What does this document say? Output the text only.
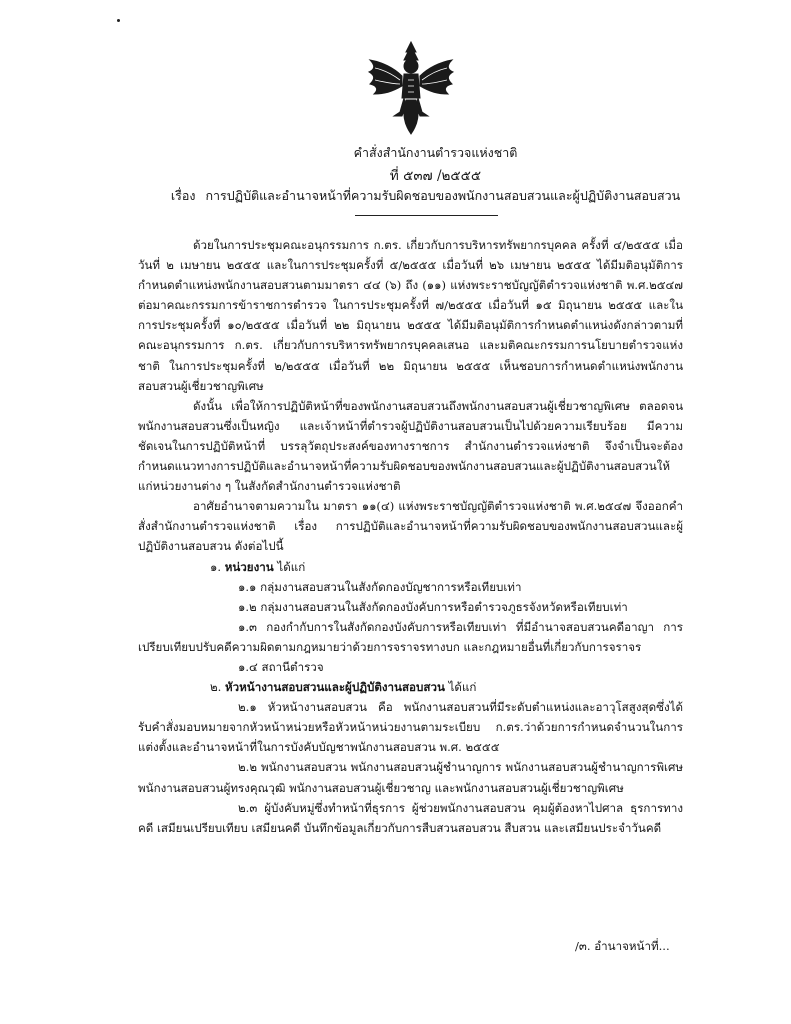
คำสั่งสำนักงานตำรวจแห่งชาติ
ที่ ๕๓๗ /๒๕๕๕
เรื่อง การปฏิบัติและอำนาจหน้าที่ความรับผิดชอบของพนักงานสอบสวนและผู้ปฏิบัติงานสอบสวน

ด้วยในการประชุมคณะอนุกรรมการ ก.ตร. เกี่ยวกับการบริหารทรัพยากรบุคคล ครั้งที่ ๔/๒๕๕๕ เมื่อวันที่ ๒ เมษายน ๒๕๕๕ และในการประชุมครั้งที่ ๕/๒๕๕๕ เมื่อวันที่ ๒๖ เมษายน ๒๕๕๕ ได้มีมติอนุมัติการกำหนดตำแหน่งพนักงานสอบสวนตามมาตรา ๔๔ (๖) ถึง (๑๑) แห่งพระราชบัญญัติตำรวจแห่งชาติ พ.ศ.๒๕๔๗ ต่อมาคณะกรรมการข้าราชการตำรวจ ในการประชุมครั้งที่ ๗/๒๕๕๕ เมื่อวันที่ ๑๕ มิถุนายน ๒๕๕๕ และในการประชุมครั้งที่ ๑๐/๒๕๕๕ เมื่อวันที่ ๒๒ มิถุนายน ๒๕๕๕ ได้มีมติอนุมัติการกำหนดตำแหน่งดังกล่าวตามที่คณะอนุกรรมการ ก.ตร. เกี่ยวกับการบริหารทรัพยากรบุคคลเสนอ และมติคณะกรรมการนโยบายตำรวจแห่งชาติ ในการประชุมครั้งที่ ๒/๒๕๕๕ เมื่อวันที่ ๒๒ มิถุนายน ๒๕๕๕ เห็นชอบการกำหนดตำแหน่งพนักงานสอบสวนผู้เชี่ยวชาญพิเศษ

ดังนั้น เพื่อให้การปฏิบัติหน้าที่ของพนักงานสอบสวนถึงพนักงานสอบสวนผู้เชี่ยวชาญพิเศษ ตลอดจนพนักงานสอบสวนซึ่งเป็นหญิง และเจ้าหน้าที่ตำรวจผู้ปฏิบัติงานสอบสวนเป็นไปด้วยความเรียบร้อย มีความชัดเจนในการปฏิบัติหน้าที่ บรรลุวัตถุประสงค์ของทางราชการ สำนักงานตำรวจแห่งชาติ จึงจำเป็นจะต้องกำหนดแนวทางการปฏิบัติและอำนาจหน้าที่ความรับผิดชอบของพนักงานสอบสวนและผู้ปฏิบัติงานสอบสวนให้แก่หน่วยงานต่าง ๆ ในสังกัดสำนักงานตำรวจแห่งชาติ

อาศัยอำนาจตามความใน มาตรา ๑๑(๔) แห่งพระราชบัญญัติตำรวจแห่งชาติ พ.ศ.๒๕๔๗ จึงออกคำสั่งสำนักงานตำรวจแห่งชาติ เรื่อง การปฏิบัติและอำนาจหน้าที่ความรับผิดชอบของพนักงานสอบสวนและผู้ปฏิบัติงานสอบสวน ดังต่อไปนี้

๑. หน่วยงาน ได้แก่

๑.๑ กลุ่มงานสอบสวนในสังกัดกองบัญชาการหรือเทียบเท่า

๑.๒ กลุ่มงานสอบสวนในสังกัดกองบังคับการหรือตำรวจภูธรจังหวัดหรือเทียบเท่า

๑.๓ กองกำกับการในสังกัดกองบังคับการหรือเทียบเท่า ที่มีอำนาจสอบสวนคดีอาญา การเปรียบเทียบปรับคดีความผิดตามกฎหมายว่าด้วยการจราจรทางบก และกฎหมายอื่นที่เกี่ยวกับการจราจร

๑.๔ สถานีตำรวจ

๒. หัวหน้างานสอบสวนและผู้ปฏิบัติงานสอบสวน ได้แก่

๒.๑ หัวหน้างานสอบสวน คือ พนักงานสอบสวนที่มีระดับตำแหน่งและอาวุโสสูงสุดซึ่งได้รับคำสั่งมอบหมายจากหัวหน้าหน่วยหรือหัวหน้าหน่วยงานตามระเบียบ ก.ตร.ว่าด้วยการกำหนดจำนวนในการแต่งตั้งและอำนาจหน้าที่ในการบังคับบัญชาพนักงานสอบสวน พ.ศ. ๒๕๕๕

๒.๒ พนักงานสอบสวน พนักงานสอบสวนผู้ชำนาญการ พนักงานสอบสวนผู้ชำนาญการพิเศษ พนักงานสอบสวนผู้ทรงคุณวุฒิ พนักงานสอบสวนผู้เชี่ยวชาญ และพนักงานสอบสวนผู้เชี่ยวชาญพิเศษ

๒.๓ ผู้บังคับหมู่ซึ่งทำหน้าที่ธุรการ ผู้ช่วยพนักงานสอบสวน คุมผู้ต้องหาไปศาล ธุรการทางคดี เสมียนเปรียบเทียบ เสมียนคดี บันทึกข้อมูลเกี่ยวกับการสืบสวนสอบสวน สืบสวน และเสมียนประจำวันคดี

/๓. อำนาจหน้าที่...
